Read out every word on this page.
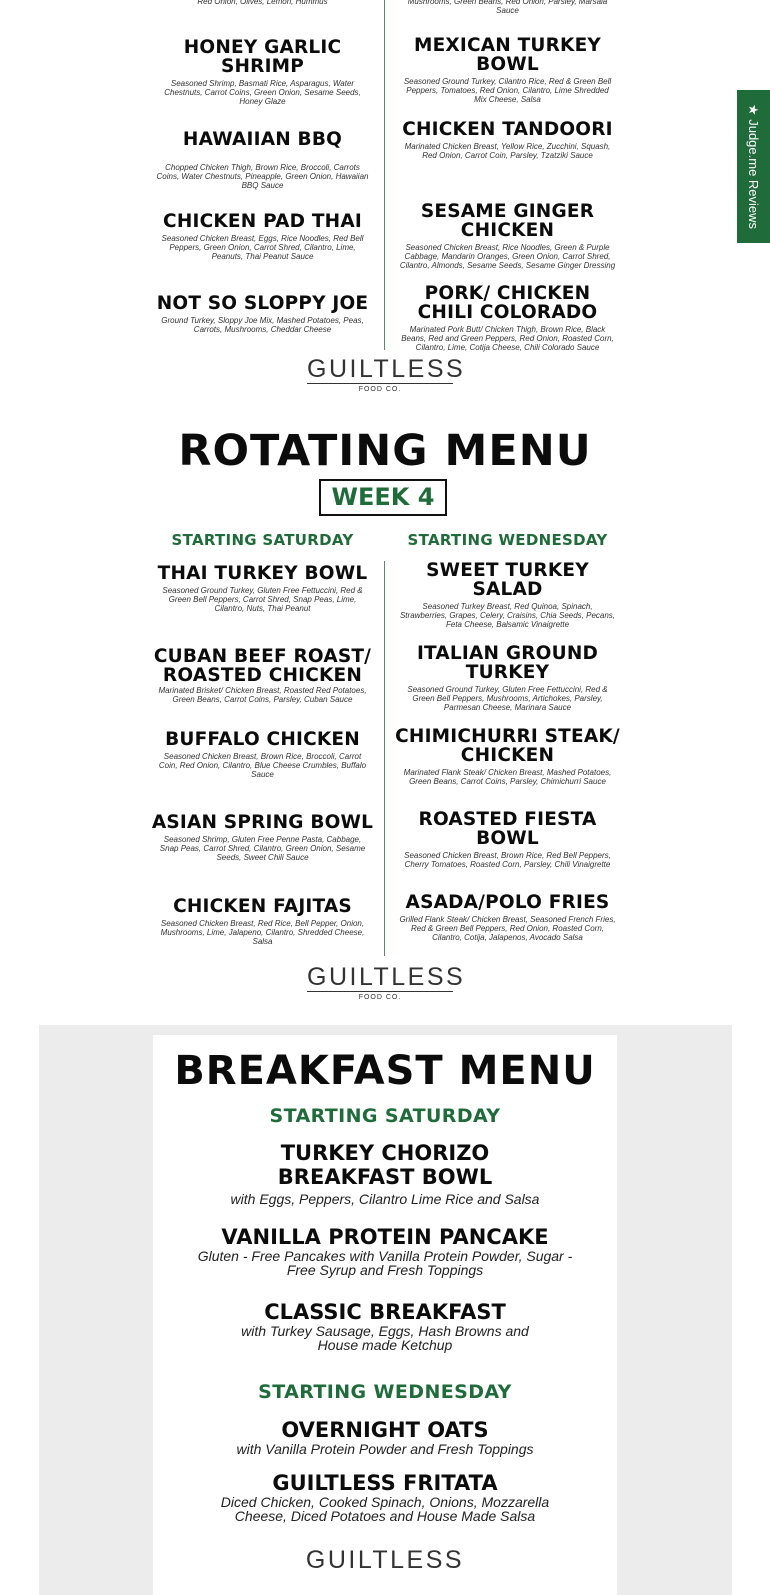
Red Onion, Olives, Lemon, Hummus	Mushrooms, Green Beans, Red Onion, Parsley, Marsala Sauce
HONEY GARLIC SHRIMP
Seasoned Shrimp, Basmati Rice, Asparagus, Water Chestnuts, Carrot Coins, Green Onion, Sesame Seeds, Honey Glaze
HAWAIIAN BBQ
Chopped Chicken Thigh, Brown Rice, Broccoli, Carrots Coins, Water Chestnuts, Pineapple, Green Onion, Hawaiian BBQ Sauce
CHICKEN PAD THAI
Seasoned Chicken Breast, Eggs, Rice Noodles, Red Bell Peppers, Green Onion, Carrot Shred, Cilantro, Lime, Peanuts, Thai Peanut Sauce
NOT SO SLOPPY JOE
Ground Turkey, Sloppy Joe Mix, Mashed Potatoes, Peas, Carrots, Mushrooms, Cheddar Cheese
MEXICAN TURKEY BOWL
Seasoned Ground Turkey, Cilantro Rice, Red & Green Bell Peppers, Tomatoes, Red Onion, Cilantro, Lime Shredded Mix Cheese, Salsa
CHICKEN TANDOORI
Marinated Chicken Breast, Yellow Rice, Zucchini, Squash, Red Onion, Carrot Coin, Parsley, Tzatziki Sauce
SESAME GINGER CHICKEN
Seasoned Chicken Breast, Rice Noodles, Green & Purple Cabbage, Mandarin Oranges, Green Onion, Carrot Shred, Cilantro, Almonds, Sesame Seeds, Sesame Ginger Dressing
PORK/ CHICKEN CHILI COLORADO
Marinated Pork Butt/ Chicken Thigh, Brown Rice, Black Beans, Red and Green Peppers, Red Onion, Roasted Corn, Cilantro, Lime, Cotija Cheese, Chili Colorado Sauce
GUILTLESS
FOOD CO.
ROTATING MENU
WEEK 4
STARTING SATURDAY	STARTING WEDNESDAY
THAI TURKEY BOWL
Seasoned Ground Turkey, Gluten Free Fettuccini, Red & Green Bell Peppers, Carrot Shred, Snap Peas, Lime, Cilantro, Nuts, Thai Peanut
CUBAN BEEF ROAST/ ROASTED CHICKEN
Marinated Brisket/ Chicken Breast, Roasted Red Potatoes, Green Beans, Carrot Coins, Parsley, Cuban Sauce
BUFFALO CHICKEN
Seasoned Chicken Breast, Brown Rice, Broccoli, Carrot Coin, Red Onion, Cilantro, Blue Cheese Crumbles, Buffalo Sauce
ASIAN SPRING BOWL
Seasoned Shrimp, Gluten Free Penne Pasta, Cabbage, Snap Peas, Carrot Shred, Cilantro, Green Onion, Sesame Seeds, Sweet Chili Sauce
CHICKEN FAJITAS
Seasoned Chicken Breast, Red Rice, Bell Pepper, Onion, Mushrooms, Lime, Jalapeno, Cilantro, Shredded Cheese, Salsa
SWEET TURKEY SALAD
Seasoned Turkey Breast, Red Quinoa, Spinach, Strawberries, Grapes, Celery, Craisins, Chia Seeds, Pecans, Feta Cheese, Balsamic Vinaigrette
ITALIAN GROUND TURKEY
Seasoned Ground Turkey, Gluten Free Fettuccini, Red & Green Bell Peppers, Mushrooms, Artichokes, Parsley, Parmesan Cheese, Marinara Sauce
CHIMICHURRI STEAK/ CHICKEN
Marinated Flank Steak/ Chicken Breast, Mashed Potatoes, Green Beans, Carrot Coins, Parsley, Chimichurri Sauce
ROASTED FIESTA BOWL
Seasoned Chicken Breast, Brown Rice, Red Bell Peppers, Cherry Tomatoes, Roasted Corn, Parsley, Chili Vinaigrette
ASADA/POLO FRIES
Grilled Flank Steak/ Chicken Breast, Seasoned French Fries, Red & Green Bell Peppers, Red Onion, Roasted Corn, Cilantro, Cotija, Jalapenos, Avocado Salsa
GUILTLESS
FOOD CO.
BREAKFAST MENU
STARTING SATURDAY
TURKEY CHORIZO BREAKFAST BOWL
with Eggs, Peppers, Cilantro Lime Rice and Salsa
VANILLA PROTEIN PANCAKE
Gluten - Free Pancakes with Vanilla Protein Powder, Sugar - Free Syrup and Fresh Toppings
CLASSIC BREAKFAST
with Turkey Sausage, Eggs, Hash Browns and House made Ketchup
STARTING WEDNESDAY
OVERNIGHT OATS
with Vanilla Protein Powder and Fresh Toppings
GUILTLESS FRITATA
Diced Chicken, Cooked Spinach, Onions, Mozzarella Cheese, Diced Potatoes and House Made Salsa
GUILTLESS
★ Judge.me Reviews
